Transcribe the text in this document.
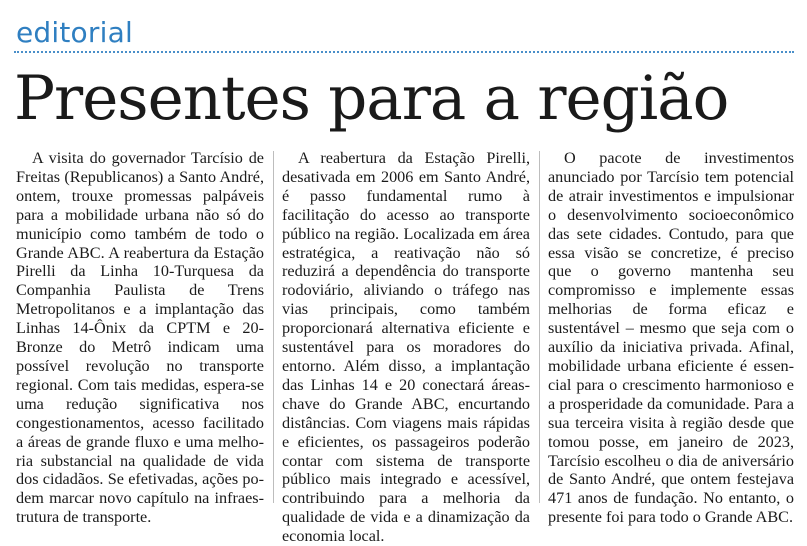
editorial
Presentes para a região

A visita do governador Tarcísio de Freitas (Republicanos) a Santo André, ontem, trouxe promessas palpáveis para a mobilidade urbana não só do município como também de todo o Grande ABC. A reabertura da Estação Pirelli da Linha 10-Turquesa da Companhia Paulista de Trens Metropolitanos e a implantação das Linhas 14-Ônix da CPTM e 20-Bronze do Metrô indicam uma possível revolução no transporte regional. Com tais medidas, espera-se uma redução significativa nos congestionamentos, acesso facilitado a áreas de grande fluxo e uma melhoria substancial na qualidade de vida dos cidadãos. Se efetivadas, ações podem marcar novo capítulo na infraestrutura de transporte.

A reabertura da Estação Pirelli, desativada em 2006 em Santo André, é passo fundamental rumo à facilitação do acesso ao transporte público na região. Localizada em área estratégica, a reativação não só reduzirá a dependência do transporte rodoviário, aliviando o tráfego nas vias principais, como também proporcionará alternativa eficiente e sustentável para os moradores do entorno. Além disso, a implantação das Linhas 14 e 20 conectará áreas-chave do Grande ABC, encurtando distâncias. Com viagens mais rápidas e eficientes, os passageiros poderão contar com sistema de transporte público mais integrado e acessível, contribuindo para a melhoria da qualidade de vida e a dinamização da economia local.

O pacote de investimentos anunciado por Tarcísio tem potencial de atrair investimentos e impulsionar o desenvolvimento socioeconômico das sete cidades. Contudo, para que essa visão se concretize, é preciso que o governo mantenha seu compromisso e implemente essas melhorias de forma eficaz e sustentável – mesmo que seja com o auxílio da iniciativa privada. Afinal, mobilidade urbana eficiente é essencial para o crescimento harmonioso e a prosperidade da comunidade. Para a sua terceira visita à região desde que tomou posse, em janeiro de 2023, Tarcísio escolheu o dia de aniversário de Santo André, que ontem festejava 471 anos de fundação. No entanto, o presente foi para todo o Grande ABC.
